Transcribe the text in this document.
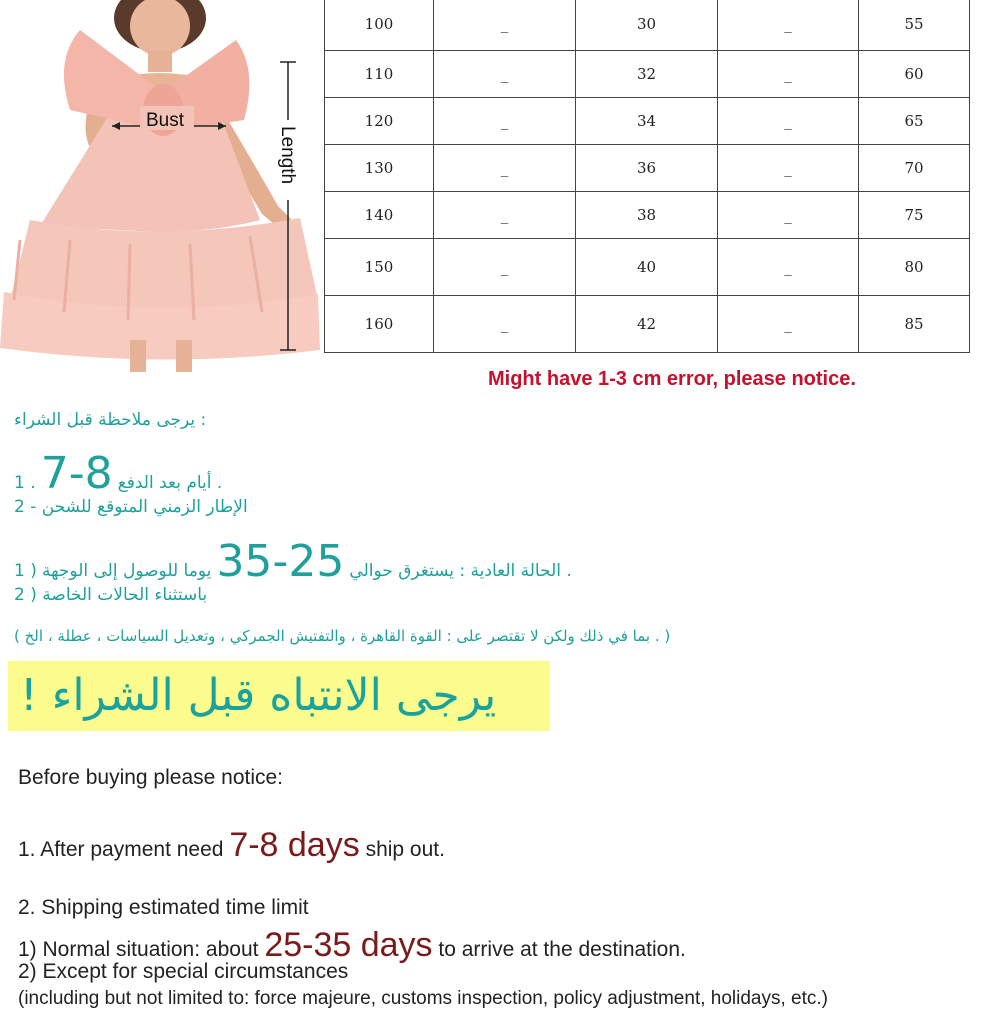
Bust
Length
100	_	30	_	55
110	_	32	_	60
120	_	34	_	65
130	_	36	_	70
140	_	38	_	75
150	_	40	_	80
160	_	42	_	85
Might have 1-3 cm error, please notice.
يرجى ملاحظة قبل الشراء :
1 . 7-8 أيام بعد الدفع .
2 - الإطار الزمني المتوقع للشحن
1 )	الحالة العادية : يستغرق حوالي 25-35 يوما للوصول إلى الوجهة .
2 ) باستثناء الحالات الخاصة
( بما في ذلك ولكن لا تقتصر على : القوة القاهرة ، والتفتيش الجمركي ، وتعديل السياسات ، عطلة ، الخ . )
! يرجى الانتباه قبل الشراء
Before buying please notice:
1. After payment need 7-8 days ship out.
2. Shipping estimated time limit
1) Normal situation: about 25-35 days to arrive at the destination.
2) Except for special circumstances
(including but not limited to: force majeure, customs inspection, policy adjustment, holidays, etc.)
